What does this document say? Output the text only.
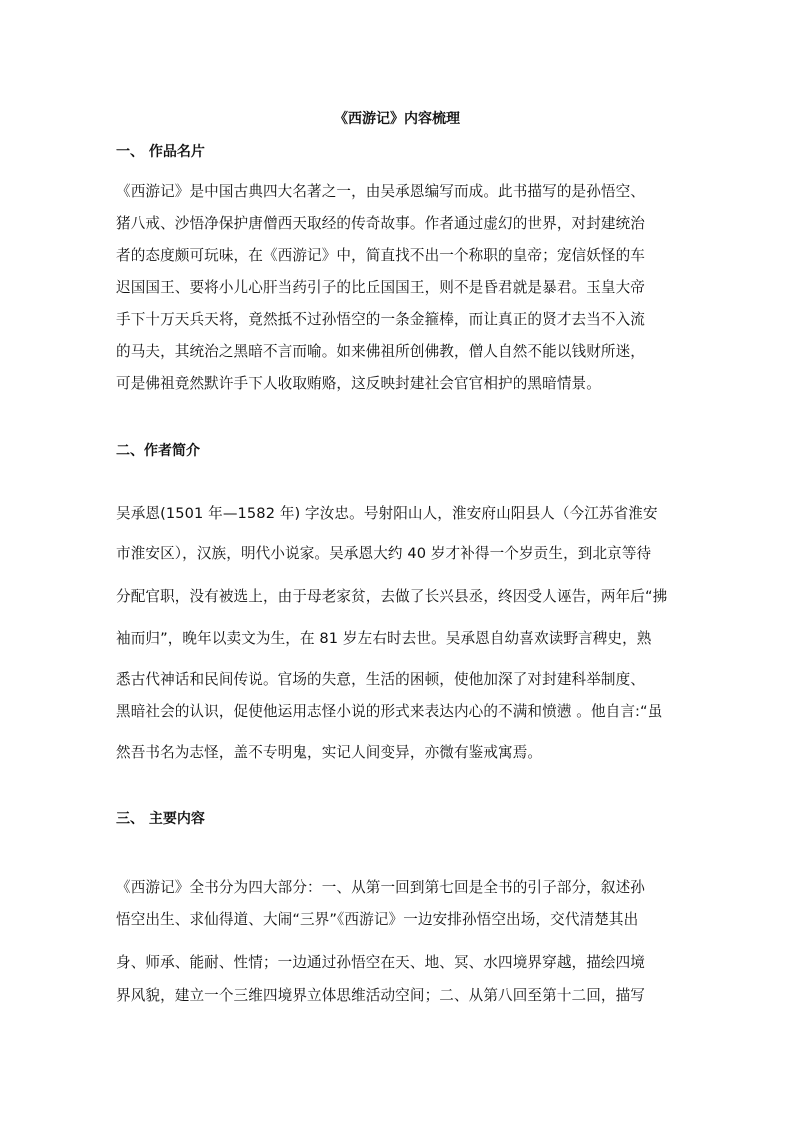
《西游记》内容梳理
一、 作品名片
《西游记》是中国古典四大名著之一，由吴承恩编写而成。此书描写的是孙悟空、
猪八戒、沙悟净保护唐僧西天取经的传奇故事。作者通过虚幻的世界，对封建统治
者的态度颇可玩味，在《西游记》中，简直找不出一个称职的皇帝；宠信妖怪的车
迟国国王、要将小儿心肝当药引子的比丘国国王，则不是昏君就是暴君。玉皇大帝
手下十万天兵天将，竟然抵不过孙悟空的一条金箍棒，而让真正的贤才去当不入流
的马夫，其统治之黑暗不言而喻。如来佛祖所创佛教，僧人自然不能以钱财所迷，
可是佛祖竟然默许手下人收取贿赂，这反映封建社会官官相护的黑暗情景。
二、作者简介
吴承恩(1501 年—1582 年) 字汝忠。号射阳山人，淮安府山阳县人（今江苏省淮安
市淮安区），汉族，明代小说家。吴承恩大约 40 岁才补得一个岁贡生，到北京等待
分配官职，没有被选上，由于母老家贫，去做了长兴县丞，终因受人诬告，两年后“拂
袖而归”，晚年以卖文为生，在 81 岁左右时去世。吴承恩自幼喜欢读野言稗史，熟
悉古代神话和民间传说。官场的失意，生活的困顿，使他加深了对封建科举制度、
黑暗社会的认识，促使他运用志怪小说的形式来表达内心的不满和愤懑 。他自言:“虽
然吾书名为志怪，盖不专明鬼，实记人间变异，亦微有鉴戒寓焉。
三、 主要内容
《西游记》全书分为四大部分：一、从第一回到第七回是全书的引子部分，叙述孙
悟空出生、求仙得道、大闹“三界”《西游记》一边安排孙悟空出场，交代清楚其出
身、师承、能耐、性情；一边通过孙悟空在天、地、冥、水四境界穿越，描绘四境
界风貌，建立一个三维四境界立体思维活动空间；二、从第八回至第十二回，描写
